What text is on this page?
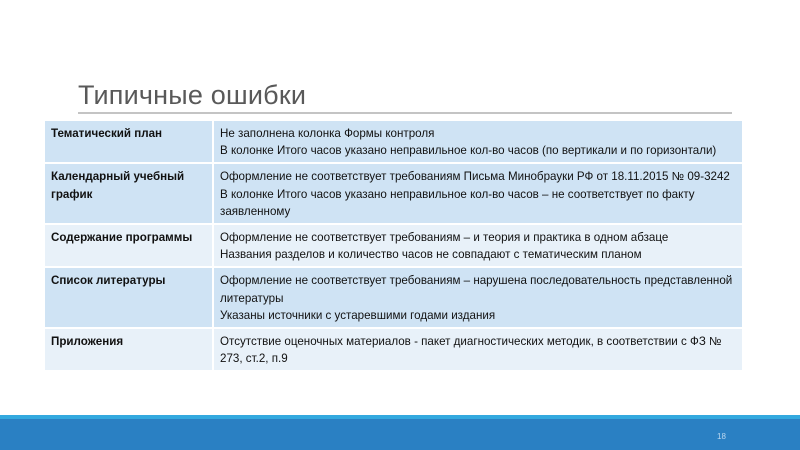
Типичные ошибки
Тематический план	Не заполнена колонка Формы контроля
В колонке Итого часов указано неправильное кол-во часов (по вертикали и по горизонтали)

Календарный учебный график	Оформление не соответствует требованиям Письма Минобрауки РФ от 18.11.2015 № 09-3242
В колонке Итого часов указано неправильное кол-во часов – не соответствует по факту заявленному

Содержание программы	Оформление не соответствует требованиям – и теория и практика в одном абзаце
Названия разделов и количество часов не совпадают с тематическим планом

Список литературы	Оформление не соответствует требованиям – нарушена последовательность представленной литературы
Указаны источники с устаревшими годами издания

Приложения	Отсутствие оценочных материалов - пакет диагностических методик, в соответствии с ФЗ № 273, ст.2, п.9
18
